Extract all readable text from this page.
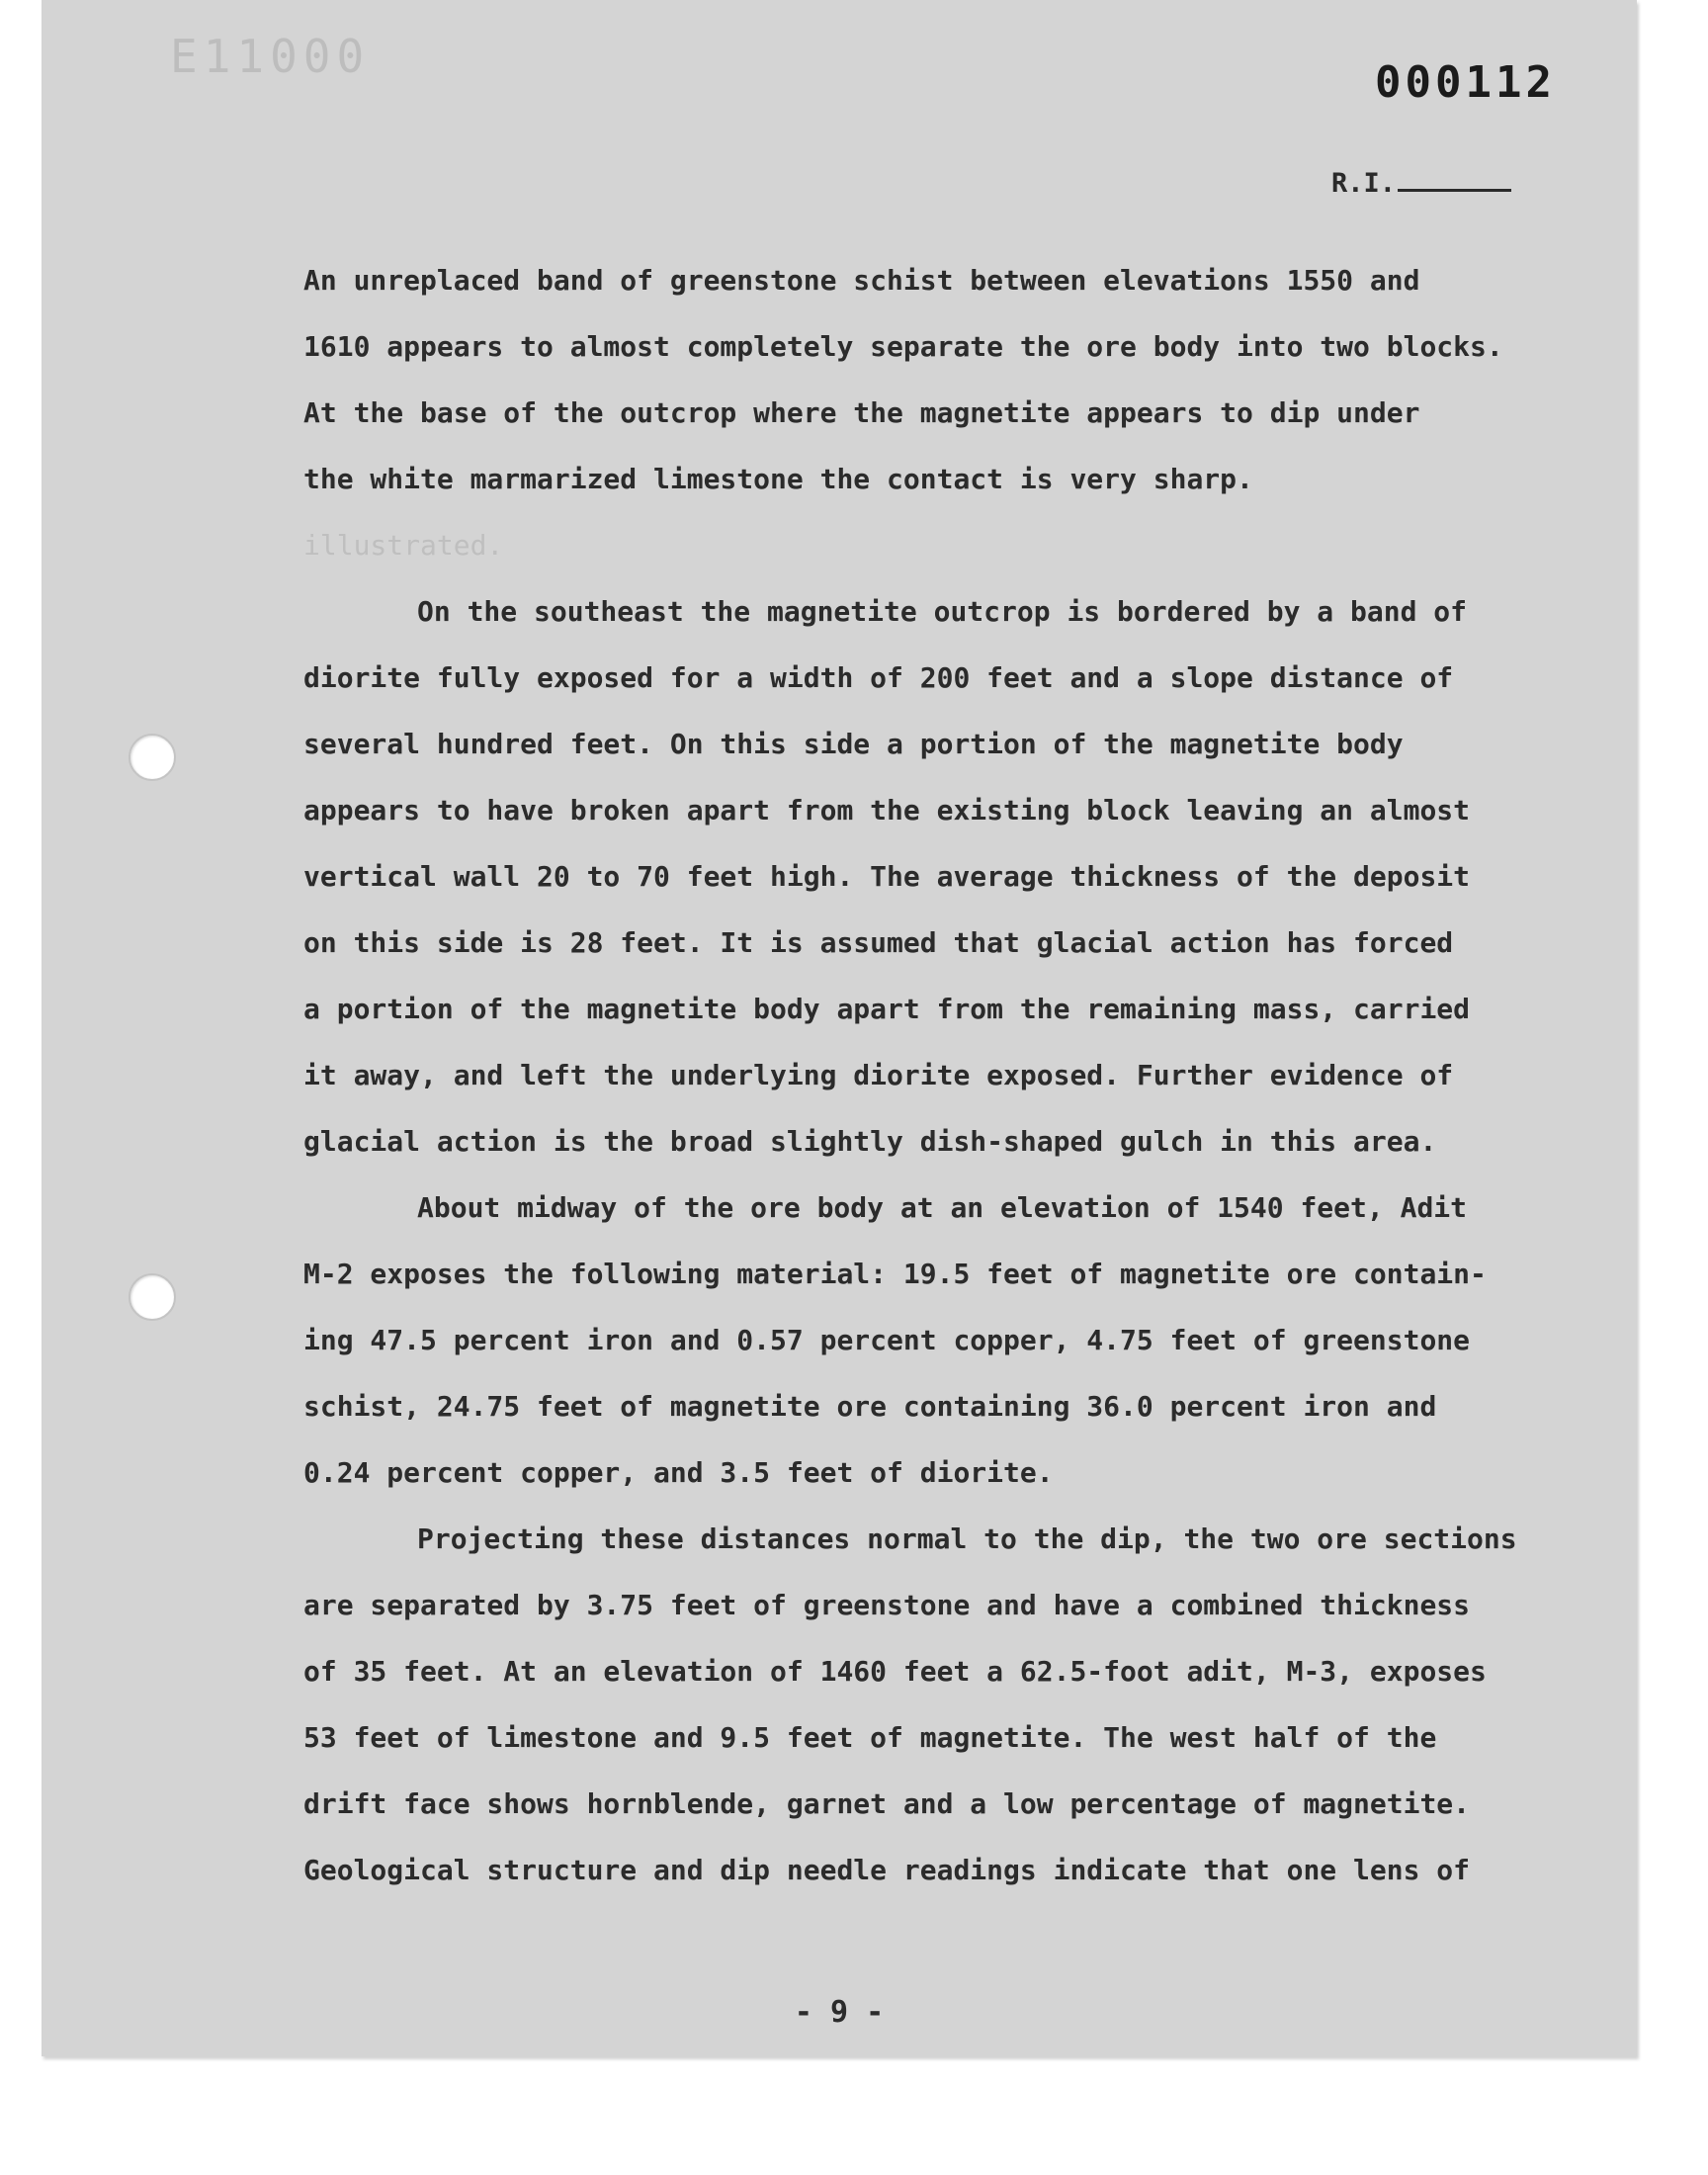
E11000	000112
R.I.
An unreplaced band of greenstone schist between elevations 1550 and
1610 appears to almost completely separate the ore body into two blocks.
At the base of the outcrop where the magnetite appears to dip under
the white marmarized limestone the contact is very sharp.
illustrated.
On the southeast the magnetite outcrop is bordered by a band of
diorite fully exposed for a width of 200 feet and a slope distance of
several hundred feet. On this side a portion of the magnetite body
appears to have broken apart from the existing block leaving an almost
vertical wall 20 to 70 feet high. The average thickness of the deposit
on this side is 28 feet. It is assumed that glacial action has forced
a portion of the magnetite body apart from the remaining mass, carried
it away, and left the underlying diorite exposed. Further evidence of
glacial action is the broad slightly dish-shaped gulch in this area.
About midway of the ore body at an elevation of 1540 feet, Adit
M-2 exposes the following material: 19.5 feet of magnetite ore contain-
ing 47.5 percent iron and 0.57 percent copper, 4.75 feet of greenstone
schist, 24.75 feet of magnetite ore containing 36.0 percent iron and
0.24 percent copper, and 3.5 feet of diorite.
Projecting these distances normal to the dip, the two ore sections
are separated by 3.75 feet of greenstone and have a combined thickness
of 35 feet. At an elevation of 1460 feet a 62.5-foot adit, M-3, exposes
53 feet of limestone and 9.5 feet of magnetite. The west half of the
drift face shows hornblende, garnet and a low percentage of magnetite.
Geological structure and dip needle readings indicate that one lens of
- 9 -
